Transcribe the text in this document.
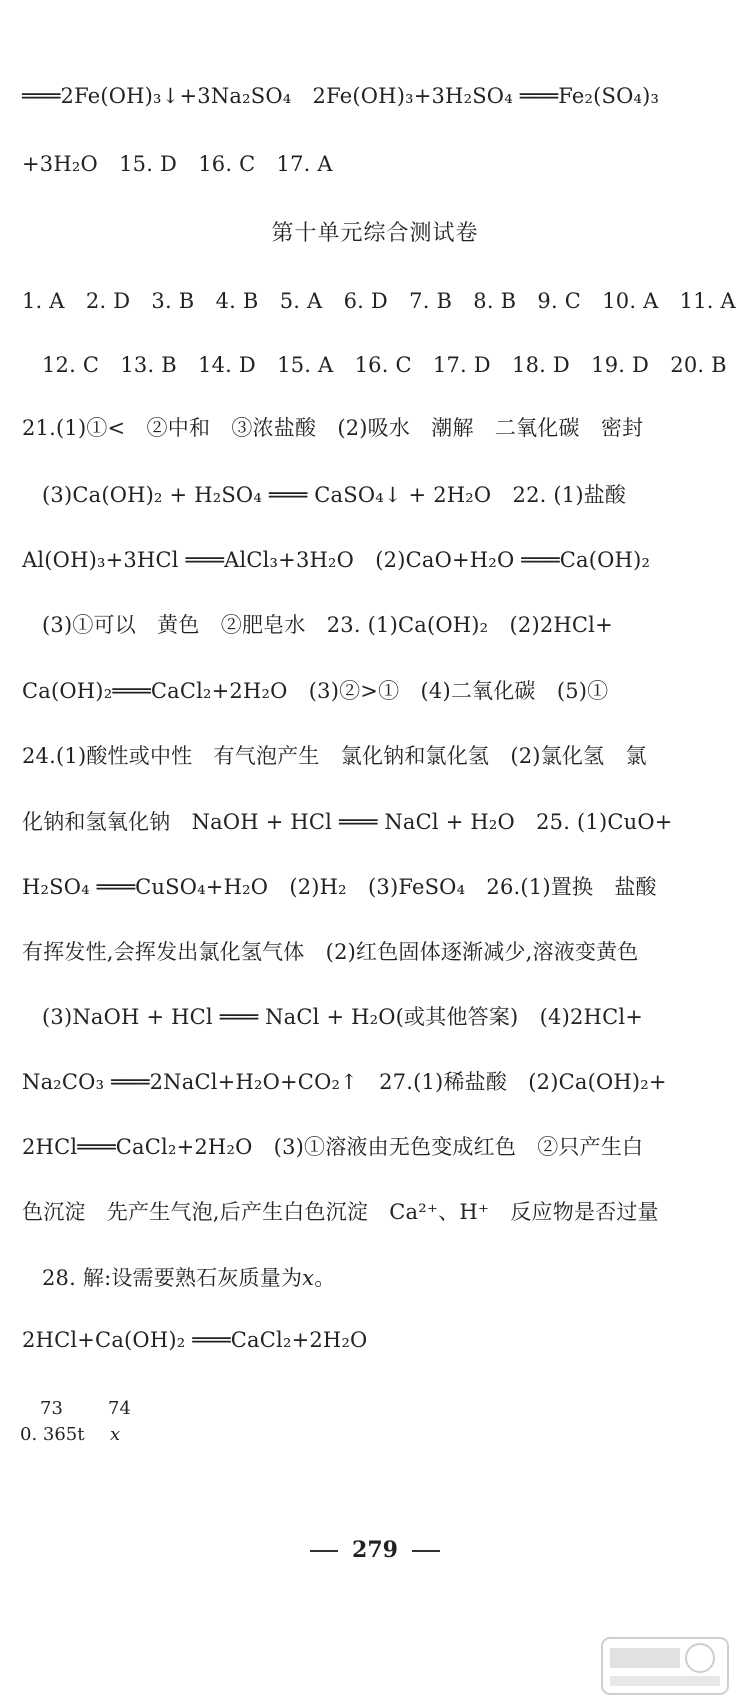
═══2Fe(OH)₃↓+3Na₂SO₄　2Fe(OH)₃+3H₂SO₄ ═══Fe₂(SO₄)₃
+3H₂O　15. D　16. C　17. A
第十单元综合测试卷
1. A　2. D　3. B　4. B　5. A　6. D　7. B　8. B　9. C　10. A　11. A
12. C　13. B　14. D　15. A　16. C　17. D　18. D　19. D　20. B
21.(1)①<　②中和　③浓盐酸　(2)吸水　潮解　二氧化碳　密封
(3)Ca(OH)₂ + H₂SO₄ ═══ CaSO₄↓ + 2H₂O　22. (1)盐酸
Al(OH)₃+3HCl ═══AlCl₃+3H₂O　(2)CaO+H₂O ═══Ca(OH)₂
(3)①可以　黄色　②肥皂水　23. (1)Ca(OH)₂　(2)2HCl+
Ca(OH)₂═══CaCl₂+2H₂O　(3)②>①　(4)二氧化碳　(5)①
24.(1)酸性或中性　有气泡产生　氯化钠和氯化氢　(2)氯化氢　氯
化钠和氢氧化钠　NaOH + HCl ═══ NaCl + H₂O　25. (1)CuO+
H₂SO₄ ═══CuSO₄+H₂O　(2)H₂　(3)FeSO₄　26.(1)置换　盐酸
有挥发性,会挥发出氯化氢气体　(2)红色固体逐渐减少,溶液变黄色
(3)NaOH + HCl ═══ NaCl + H₂O(或其他答案)　(4)2HCl+
Na₂CO₃ ═══2NaCl+H₂O+CO₂↑　27.(1)稀盐酸　(2)Ca(OH)₂+
2HCl═══CaCl₂+2H₂O　(3)①溶液由无色变成红色　②只产生白
色沉淀　先产生气泡,后产生白色沉淀　Ca²⁺、H⁺　反应物是否过量
28. 解:设需要熟石灰质量为x。
2HCl+Ca(OH)₂ ═══CaCl₂+2H₂O
73	74
0. 365t x
279
